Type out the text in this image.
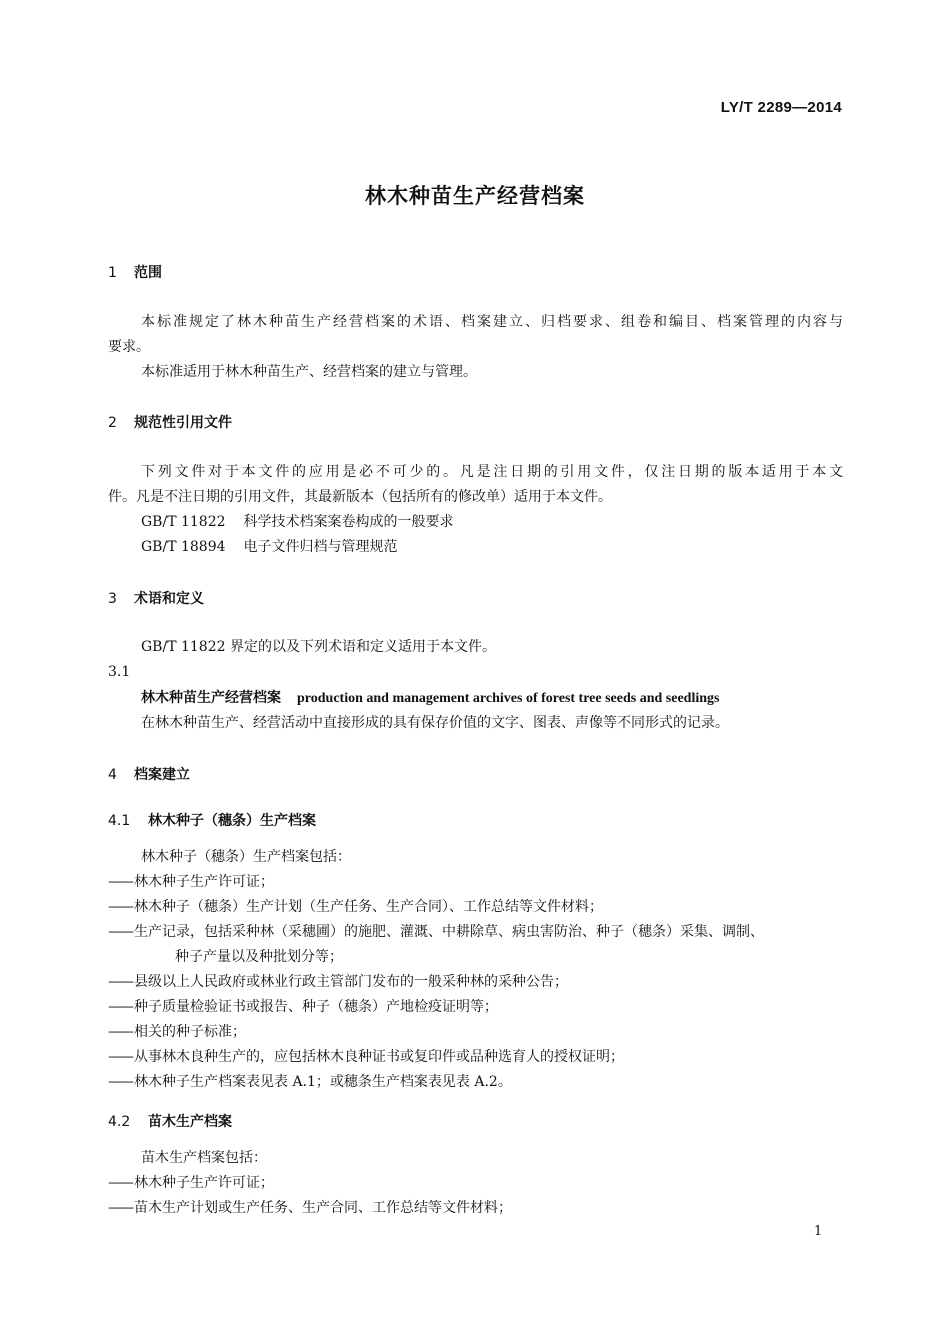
LY/T 2289—2014
林木种苗生产经营档案
1 范围
本标准规定了林木种苗生产经营档案的术语、档案建立、归档要求、组卷和编目、档案管理的内容与
要求。
本标准适用于林木种苗生产、经营档案的建立与管理。
2 规范性引用文件
下列文件对于本文件的应用是必不可少的。凡是注日期的引用文件，仅注日期的版本适用于本文
件。凡是不注日期的引用文件，其最新版本（包括所有的修改单）适用于本文件。
GB/T 11822 科学技术档案案卷构成的一般要求
GB/T 18894 电子文件归档与管理规范
3 术语和定义
GB/T 11822 界定的以及下列术语和定义适用于本文件。
3.1
林木种苗生产经营档案 production and management archives of forest tree seeds and seedlings
在林木种苗生产、经营活动中直接形成的具有保存价值的文字、图表、声像等不同形式的记录。
4 档案建立
4.1 林木种子（穗条）生产档案
林木种子（穗条）生产档案包括：
—— 林木种子生产许可证；
—— 林木种子（穗条）生产计划（生产任务、生产合同）、工作总结等文件材料；
—— 生产记录，包括采种林（采穗圃）的施肥、灌溉、中耕除草、病虫害防治、种子（穗条）采集、调制、
种子产量以及种批划分等；
—— 县级以上人民政府或林业行政主管部门发布的一般采种林的采种公告；
—— 种子质量检验证书或报告、种子（穗条）产地检疫证明等；
—— 相关的种子标准；
—— 从事林木良种生产的，应包括林木良种证书或复印件或品种选育人的授权证明；
—— 林木种子生产档案表见表 A.1；或穗条生产档案表见表 A.2。
4.2 苗木生产档案
苗木生产档案包括：
—— 林木种子生产许可证；
—— 苗木生产计划或生产任务、生产合同、工作总结等文件材料；
1
